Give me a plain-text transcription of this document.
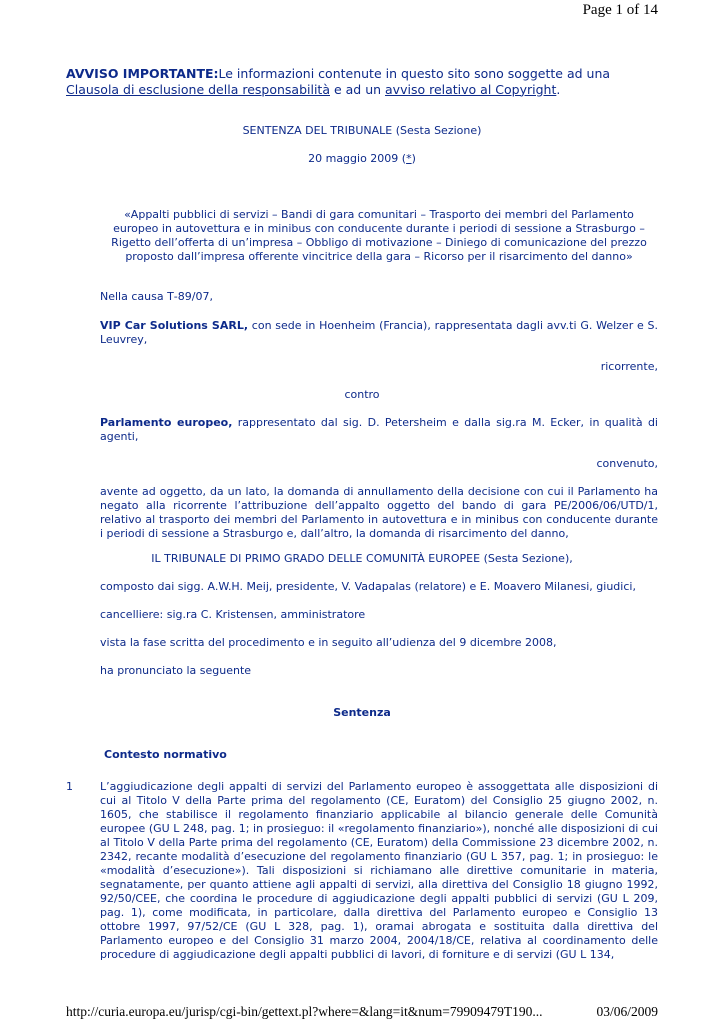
Page 1 of 14
AVVISO IMPORTANTE:Le informazioni contenute in questo sito sono soggette ad una Clausola di esclusione della responsabilità e ad un avviso relativo al Copyright.
SENTENZA DEL TRIBUNALE (Sesta Sezione)
20 maggio 2009 (*)
«Appalti pubblici di servizi – Bandi di gara comunitari – Trasporto dei membri del Parlamento europeo in autovettura e in minibus con conducente durante i periodi di sessione a Strasburgo – Rigetto dell’offerta di un’impresa – Obbligo di motivazione – Diniego di comunicazione del prezzo proposto dall’impresa offerente vincitrice della gara – Ricorso per il risarcimento del danno»
Nella causa T‑89/07,
VIP Car Solutions SARL, con sede in Hoenheim (Francia), rappresentata dagli avv.ti G. Welzer e S. Leuvrey,
ricorrente,
contro
Parlamento europeo, rappresentato dal sig. D. Petersheim e dalla sig.ra M. Ecker, in qualità di agenti,
convenuto,
avente ad oggetto, da un lato, la domanda di annullamento della decisione con cui il Parlamento ha negato alla ricorrente l’attribuzione dell’appalto oggetto del bando di gara PE/2006/06/UTD/1, relativo al trasporto dei membri del Parlamento in autovettura e in minibus con conducente durante i periodi di sessione a Strasburgo e, dall’altro, la domanda di risarcimento del danno,
IL TRIBUNALE DI PRIMO GRADO DELLE COMUNITÀ EUROPEE (Sesta Sezione),
composto dai sigg. A.W.H. Meij, presidente, V. Vadapalas (relatore) e E. Moavero Milanesi, giudici,
cancelliere: sig.ra C. Kristensen, amministratore
vista la fase scritta del procedimento e in seguito all’udienza del 9 dicembre 2008,
ha pronunciato la seguente
Sentenza
Contesto normativo
1 L’aggiudicazione degli appalti di servizi del Parlamento europeo è assoggettata alle disposizioni di cui al Titolo V della Parte prima del regolamento (CE, Euratom) del Consiglio 25 giugno 2002, n. 1605, che stabilisce il regolamento finanziario applicabile al bilancio generale delle Comunità europee (GU L 248, pag. 1; in prosieguo: il «regolamento finanziario»), nonché alle disposizioni di cui al Titolo V della Parte prima del regolamento (CE, Euratom) della Commissione 23 dicembre 2002, n. 2342, recante modalità d’esecuzione del regolamento finanziario (GU L 357, pag. 1; in prosieguo: le «modalità d’esecuzione»). Tali disposizioni si richiamano alle direttive comunitarie in materia, segnatamente, per quanto attiene agli appalti di servizi, alla direttiva del Consiglio 18 giugno 1992, 92/50/CEE, che coordina le procedure di aggiudicazione degli appalti pubblici di servizi (GU L 209, pag. 1), come modificata, in particolare, dalla direttiva del Parlamento europeo e Consiglio 13 ottobre 1997, 97/52/CE (GU L 328, pag. 1), oramai abrogata e sostituita dalla direttiva del Parlamento europeo e del Consiglio 31 marzo 2004, 2004/18/CE, relativa al coordinamento delle procedure di aggiudicazione degli appalti pubblici di lavori, di forniture e di servizi (GU L 134,
http://curia.europa.eu/jurisp/cgi-bin/gettext.pl?where=&lang=it&num=79909479T190...	03/06/2009
